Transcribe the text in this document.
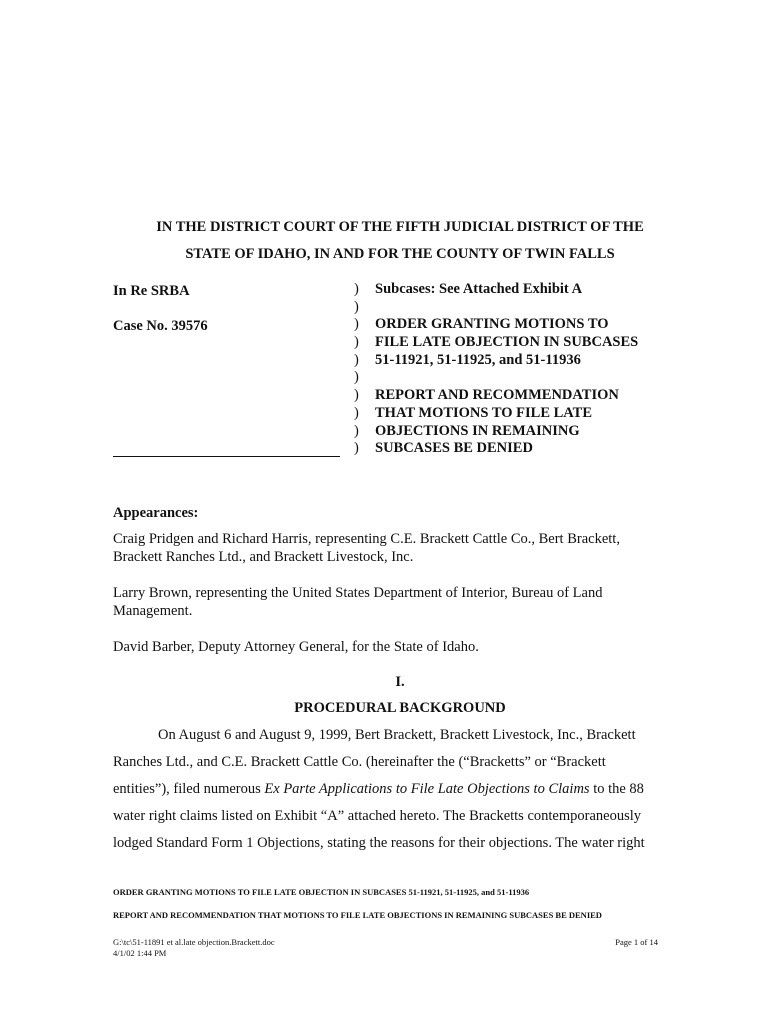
IN THE DISTRICT COURT OF THE FIFTH JUDICIAL DISTRICT OF THE
STATE OF IDAHO, IN AND FOR THE COUNTY OF TWIN FALLS
In Re SRBA
Case No. 39576
)
)
)
)
)
)
)
)
)
)
Subcases: See Attached Exhibit A
ORDER GRANTING MOTIONS TO
FILE LATE OBJECTION IN SUBCASES
51-11921, 51-11925, and 51-11936
REPORT AND RECOMMENDATION
THAT MOTIONS TO FILE LATE
OBJECTIONS IN REMAINING
SUBCASES BE DENIED
Appearances:
Craig Pridgen and Richard Harris, representing C.E. Brackett Cattle Co., Bert Brackett, Brackett Ranches Ltd., and Brackett Livestock, Inc.
Larry Brown, representing the United States Department of Interior, Bureau of Land Management.
David Barber, Deputy Attorney General, for the State of Idaho.
I.
PROCEDURAL BACKGROUND
On August 6 and August 9, 1999, Bert Brackett, Brackett Livestock, Inc., Brackett
Ranches Ltd., and C.E. Brackett Cattle Co. (hereinafter the (“Bracketts” or “Brackett
entities”), filed numerous Ex Parte Applications to File Late Objections to Claims to the 88
water right claims listed on Exhibit “A” attached hereto. The Bracketts contemporaneously
lodged Standard Form 1 Objections, stating the reasons for their objections. The water right
ORDER GRANTING MOTIONS TO FILE LATE OBJECTION IN SUBCASES 51-11921, 51-11925, and 51-11936
REPORT AND RECOMMENDATION THAT MOTIONS TO FILE LATE OBJECTIONS IN REMAINING SUBCASES BE DENIED
G:\tc\51-11891 et al.late objection.Brackett.doc
4/1/02 1:44 PM
Page 1 of 14
